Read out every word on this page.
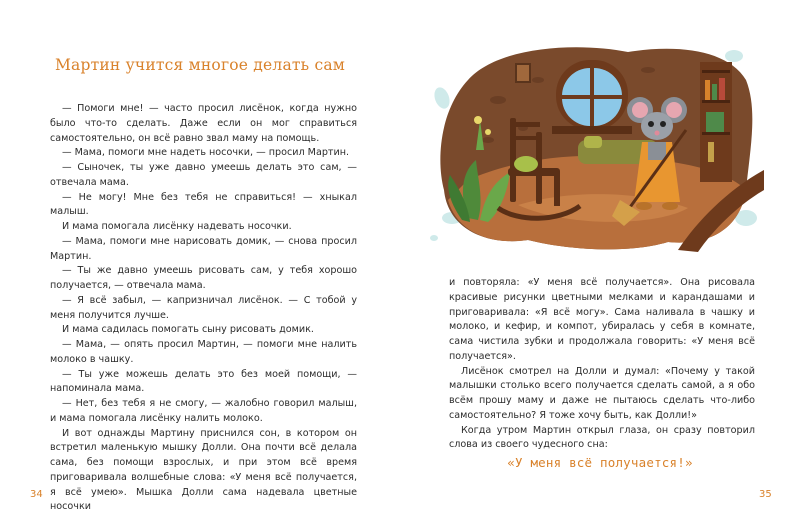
Мартин учится многое делать сам

— Помоги мне! — часто просил лисёнок, когда нужно было что-то сделать. Даже если он мог справиться самостоятельно, он всё равно звал маму на помощь.

— Мама, помоги мне надеть носочки, — просил Мартин.

— Сыночек, ты уже давно умеешь делать это сам, — отвечала мама.

— Не могу! Мне без тебя не справиться! — хныкал малыш.

И мама помогала лисёнку надевать носочки.

— Мама, помоги мне нарисовать домик, — снова просил Мартин.

— Ты же давно умеешь рисовать сам, у тебя хорошо получается, — отвечала мама.

— Я всё забыл, — капризничал лисёнок. — С тобой у меня получится лучше.

И мама садилась помогать сыну рисовать домик.

— Мама, — опять просил Мартин, — помоги мне налить молоко в чашку.

— Ты уже можешь делать это без моей помощи, — напоминала мама.

— Нет, без тебя я не смогу, — жалобно говорил малыш, и мама помогала лисёнку налить молоко.

И вот однажды Мартину приснился сон, в котором он встретил маленькую мышку Долли. Она почти всё делала сама, без помощи взрослых, и при этом всё время приговаривала волшебные слова: «У меня всё получается, я всё умею». Мышка Долли сама надевала цветные носочки

34

и повторяла: «У меня всё получается». Она рисовала красивые рисунки цветными мелками и карандашами и приговаривала: «Я всё могу». Сама наливала в чашку и молоко, и кефир, и компот, убиралась у себя в комнате, сама чистила зубки и продолжала говорить: «У меня всё получается».

Лисёнок смотрел на Долли и думал: «Почему у такой малышки столько всего получается сделать самой, а я обо всём прошу маму и даже не пытаюсь сделать что-либо самостоятельно? Я тоже хочу быть, как Долли!»

Когда утром Мартин открыл глаза, он сразу повторил слова из своего чудесного сна:

«У меня всё получается!»
35
